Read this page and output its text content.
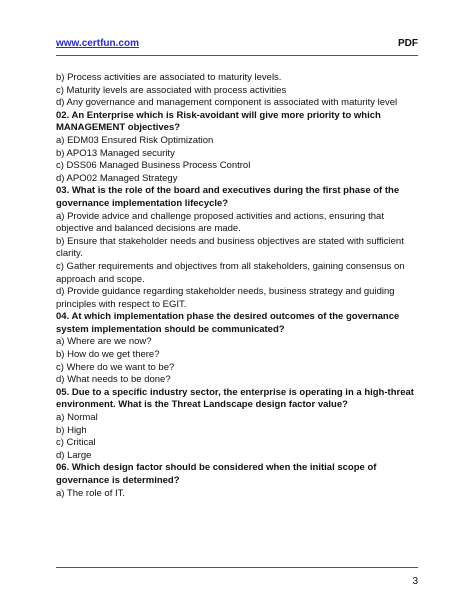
www.certfun.com	PDF
b) Process activities are associated to maturity levels.
c) Maturity levels are associated with process activities
d) Any governance and management component is associated with maturity level
02. An Enterprise which is Risk-avoidant will give more priority to which
MANAGEMENT objectives?
a) EDM03 Ensured Risk Optimization
b) APO13 Managed security
c) DSS06 Managed Business Process Control
d) APO02 Managed Strategy
03. What is the role of the board and executives during the first phase of the
governance implementation lifecycle?
a) Provide advice and challenge proposed activities and actions, ensuring that objective and balanced decisions are made.
b) Ensure that stakeholder needs and business objectives are stated with sufficient clarity.
c) Gather requirements and objectives from all stakeholders, gaining consensus on approach and scope.
d) Provide guidance regarding stakeholder needs, business strategy and guiding principles with respect to EGIT.
04. At which implementation phase the desired outcomes of the governance
system implementation should be communicated?
a) Where are we now?
b) How do we get there?
c) Where do we want to be?
d) What needs to be done?
05. Due to a specific industry sector, the enterprise is operating in a high-threat
environment. What is the Threat Landscape design factor value?
a) Normal
b) High
c) Critical
d) Large
06. Which design factor should be considered when the initial scope of
governance is determined?
a) The role of IT.
3
